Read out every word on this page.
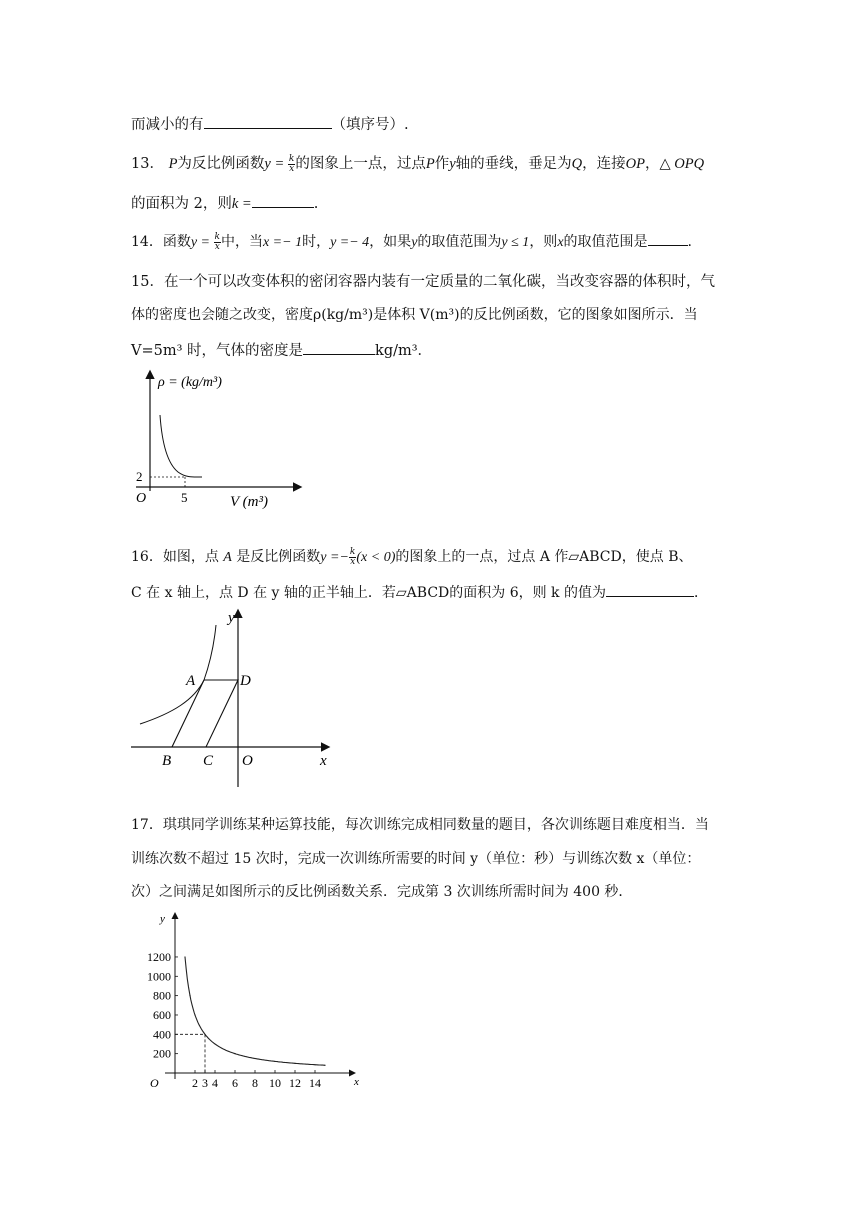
而减小的有	（填序号）.
13． P为反比例函数$y = \frac{k}{x}$ 的图象上一点，过点P作y轴的垂线，垂足为Q，连接OP，△ OPQ
的面积为 2，则k =	.
14．函数$y = \frac{k}{x}$ 中，当x =− 1时，y =− 4，如果y的取值范围为y ≤ 1，则x的取值范围是	.
15．在一个可以改变体积的密闭容器内装有一定质量的二氧化碳，当改变容器的体积时，气
体的密度也会随之改变，密度ρ(kg/m³)是体积 V(m³)的反比例函数，它的图象如图所示．当
V=5m³ 时，气体的密度是	kg/m³．
ρ = (kg/m³)
V (m³)
O
2
5
16．如图，点 A 是反比例函数$y =- \frac{k}{x} (x < 0)$的图象上的一点，过点 A 作▱ABCD，使点 B、
C 在 x 轴上，点 D 在 y 轴的正半轴上．若▱ABCD的面积为 6，则 k 的值为	．
A	D
B C O	x
y
17．琪琪同学训练某种运算技能，每次训练完成相同数量的题目，各次训练题目难度相当．当
训练次数不超过 15 次时，完成一次训练所需要的时间 y（单位：秒）与训练次数 x（单位：
次）之间满足如图所示的反比例函数关系．完成第 3 次训练所需时间为 400 秒．
x
y
O	2 3 4 6 8 10 12 14
200
400
600
800
1000
1200
